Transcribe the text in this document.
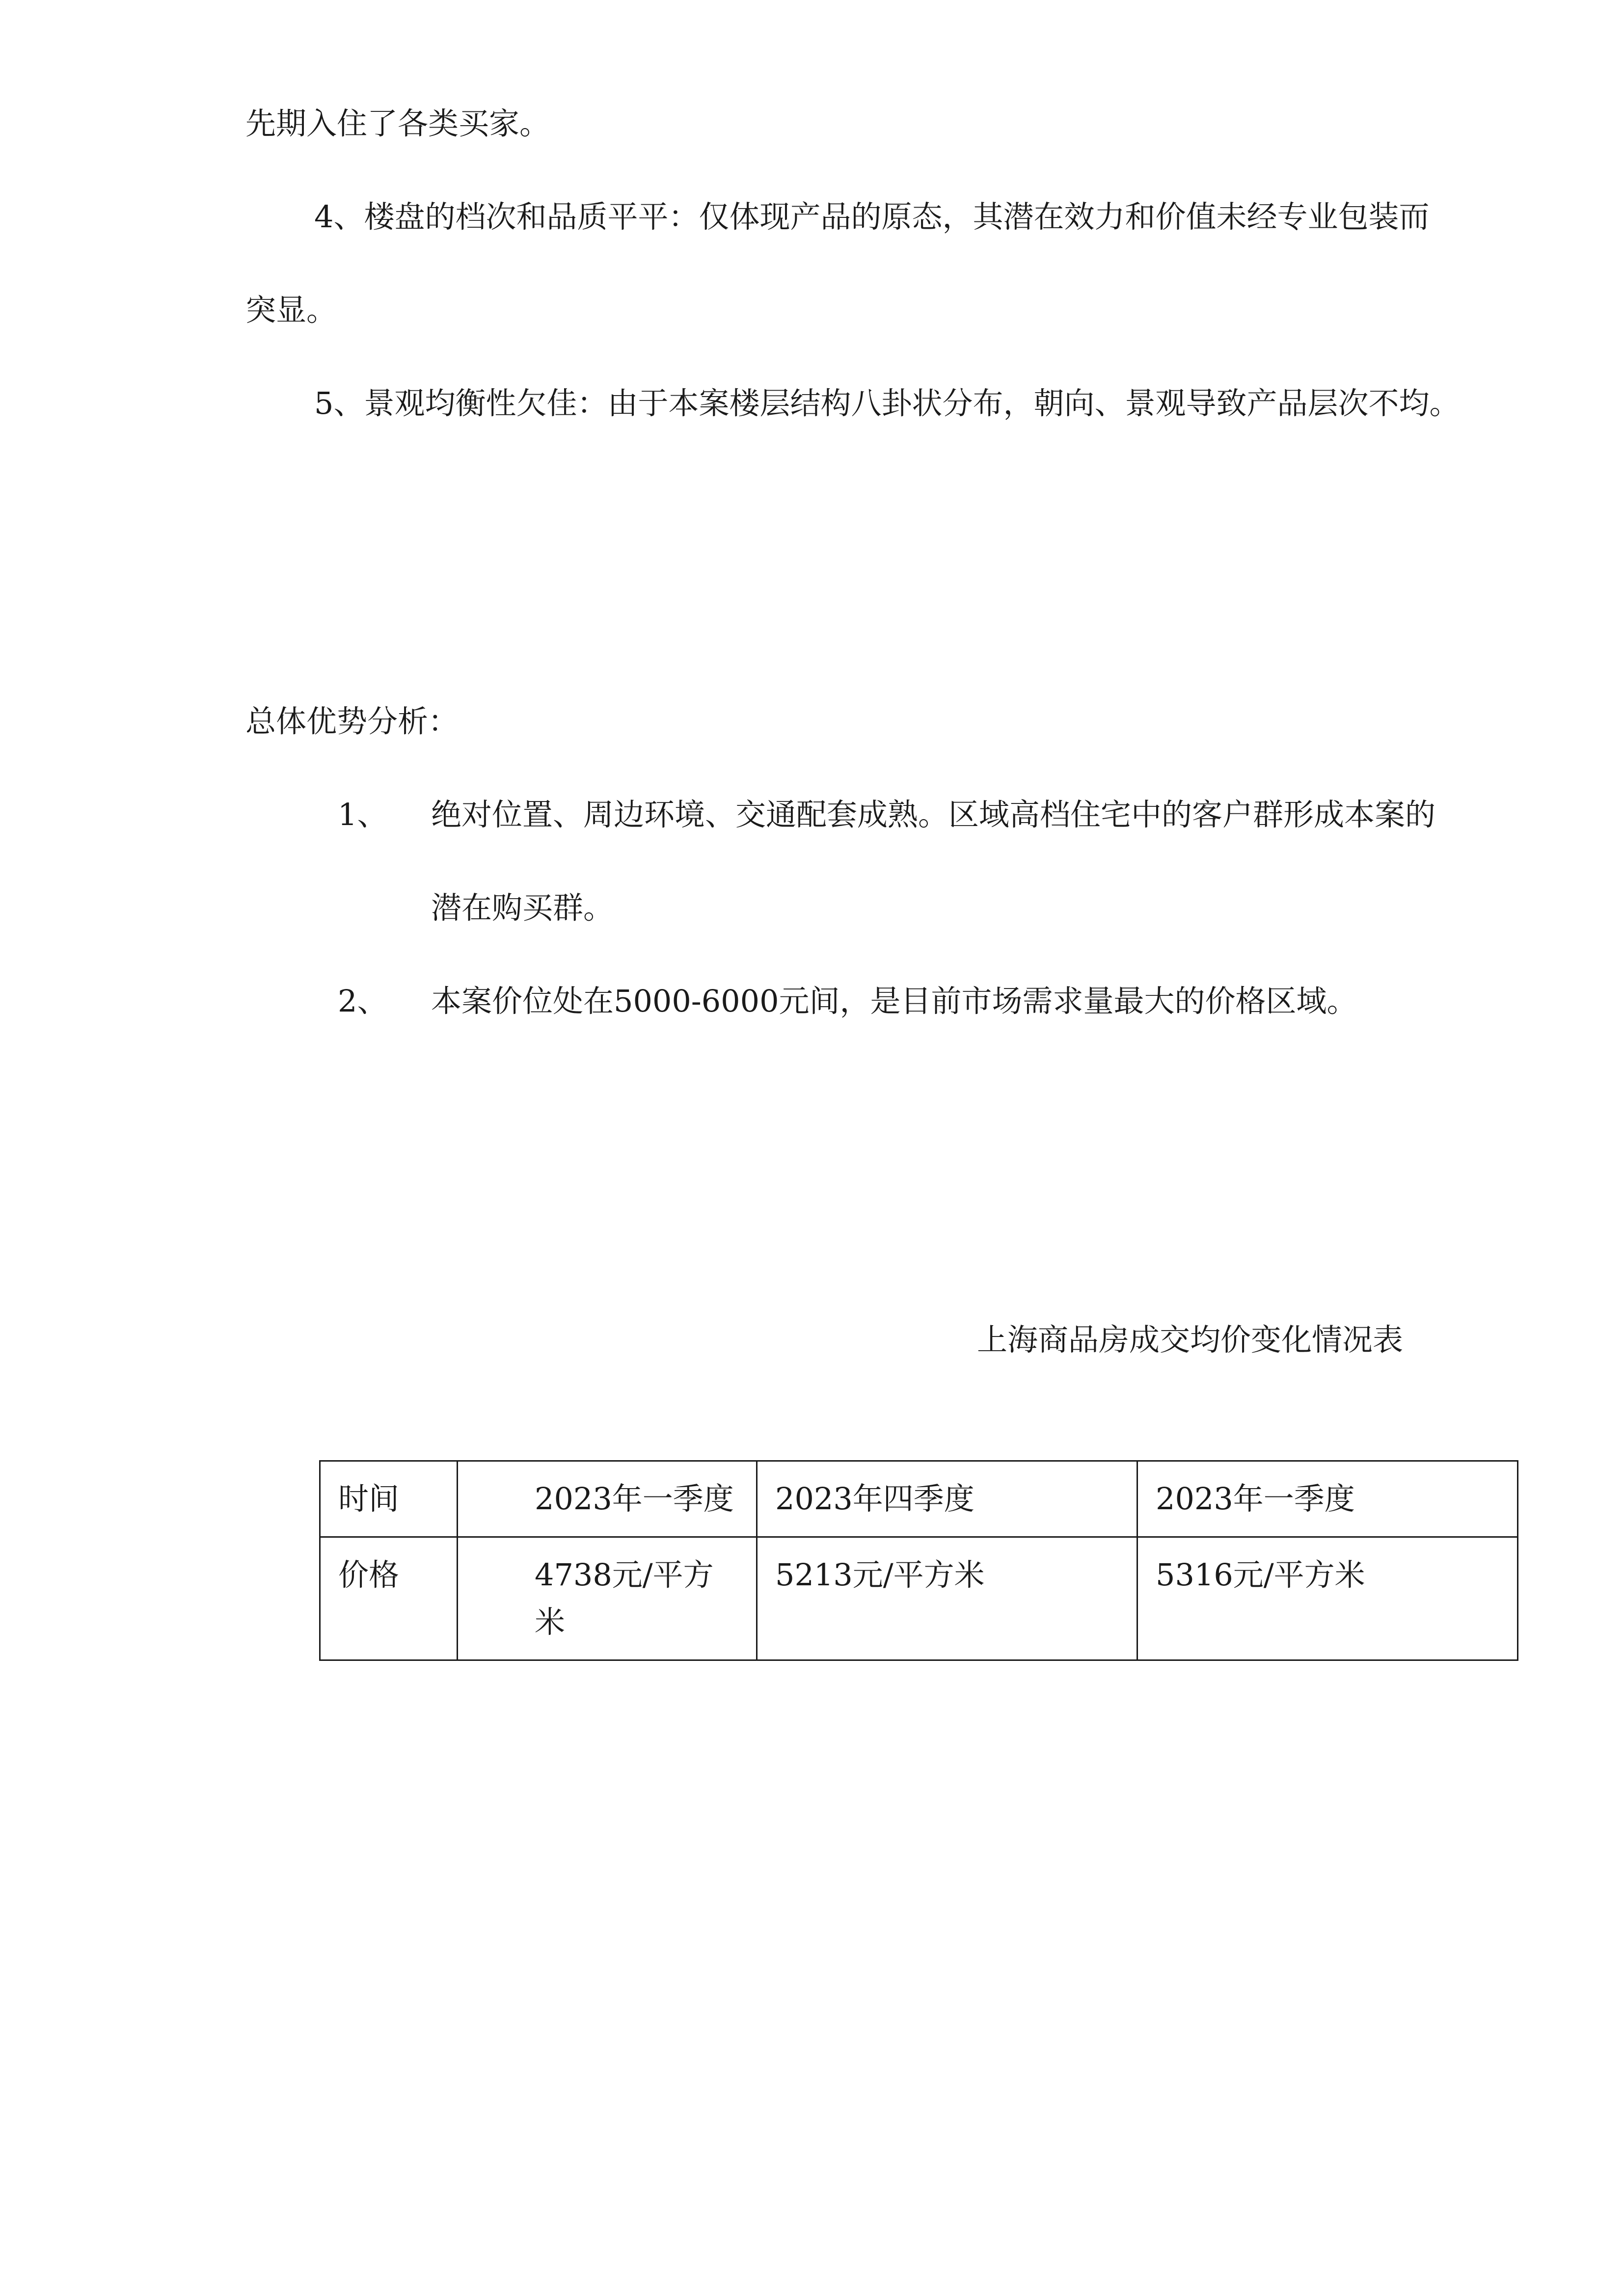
先期入住了各类买家。

4、楼盘的档次和品质平平：仅体现产品的原态，其潜在效力和价值未经专业包装而

突显。

5、景观均衡性欠佳：由于本案楼层结构八卦状分布，朝向、景观导致产品层次不均。

总体优势分析：

1、 绝对位置、周边环境、交通配套成熟。区域高档住宅中的客户群形成本案的

潜在购买群。

2、 本案价位处在5000-6000元间，是目前市场需求量最大的价格区域。

上海商品房成交均价变化情况表

时间	2023年一季度	2023年四季度	2023年一季度
价格	4738元/平方米	5213元/平方米	5316元/平方米
